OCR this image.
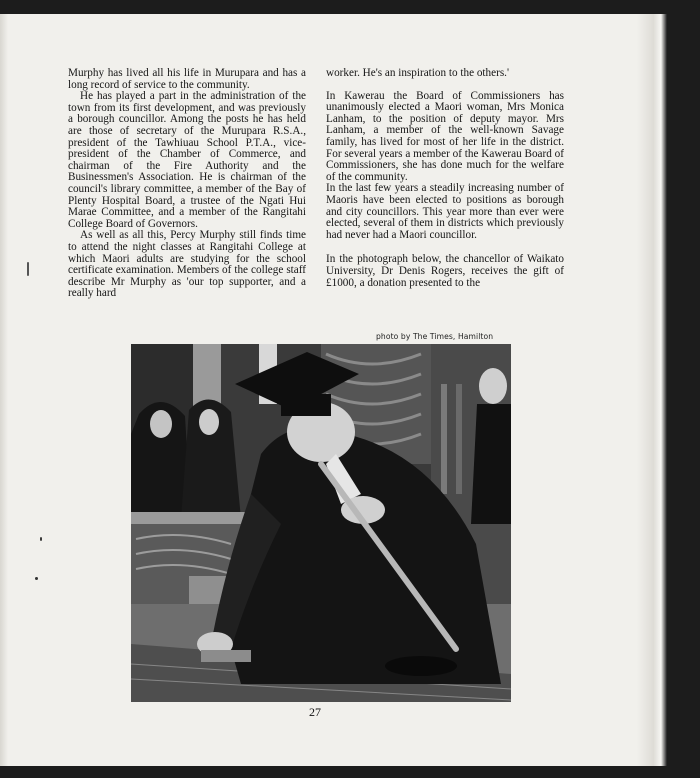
Murphy has lived all his life in Murupara and has a long record of service to the community.

He has played a part in the administration of the town from its first development, and was previously a borough councillor. Among the posts he has held are those of secretary of the Murupara R.S.A., president of the Tawhiuau School P.T.A., vice-president of the Chamber of Commerce, and chairman of the Fire Authority and the Businessmen's Association. He is chairman of the council's library committee, a member of the Bay of Plenty Hospital Board, a trustee of the Ngati Hui Marae Committee, and a member of the Rangitahi College Board of Governors.

As well as all this, Percy Murphy still finds time to attend the night classes at Rangitahi College at which Maori adults are studying for the school certificate examination. Members of the college staff describe Mr Murphy as 'our top supporter, and a really hard

worker. He's an inspiration to the others.'

In Kawerau the Board of Commissioners has unanimously elected a Maori woman, Mrs Monica Lanham, to the position of deputy mayor. Mrs Lanham, a member of the well-known Savage family, has lived for most of her life in the district. For several years a member of the Kawerau Board of Commissioners, she has done much for the welfare of the community.

In the last few years a steadily increasing number of Maoris have been elected to positions as borough and city councillors. This year more than ever were elected, several of them in districts which previously had never had a Maori councillor.

In the photograph below, the chancellor of Waikato University, Dr Denis Rogers, receives the gift of £1000, a donation presented to the

photo by The Times, Hamilton
27
